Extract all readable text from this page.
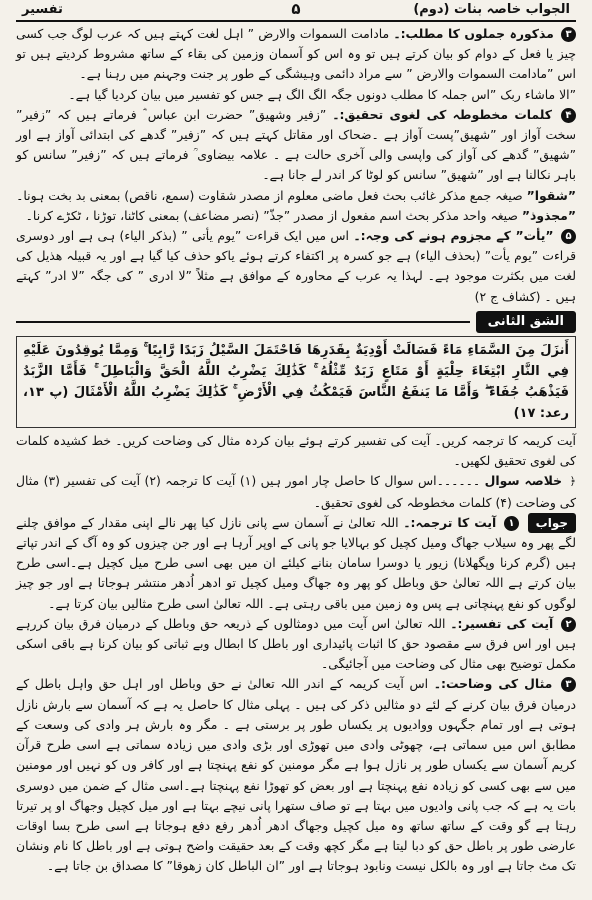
الجواب خاصہ بنات (دوم)
۵
تفسیر

۳ مذکورہ جملوں کا مطلب:۔ مادامت السموات والارض ” اہل لغت کہتے ہیں کہ عرب لوگ جب کسی چیز یا فعل کے دوام کو بیان کرتے ہیں تو وہ اس کو آسمان وزمین کی بقاء کے ساتھ مشروط کردیتے ہیں تو اس ”مادامت السموات والارض ” سے مراد دائمی وہیشگی کے طور پر جنت وجہنم میں رہنا ہے۔

”الا ماشاء ربک ”اس جملہ کا مطلب دونوں جگہ الگ الگ ہے جس کو تفسیر میں بیان کردیا گیا ہے۔

۴ کلمات مخطوطہ کی لغوی تحقیق:۔ ”زفیر وشهیق” حضرت ابن عباس ؓ فرماتے ہیں کہ ”زفیر” سخت آواز اور ”شهیق”پست آواز ہے ۔ضحاک اور مقاتل کہتے ہیں کہ ”زفیر” گدھے کی ابتدائی آواز ہے اور ”شهیق” گدھے کی آواز کی واپسی والی آخری حالت ہے ۔ علامہ بیضاوی ؒ فرماتے ہیں کہ ”زفیر” سانس کو باہر نکالنا ہے اور ”شهیق” سانس کو لوٹا کر اندر لے جانا ہے۔

”شقوا” صیغہ جمع مذکر غائب بحث فعل ماضی معلوم از مصدر شقاوت (سمع، ناقص) بمعنی بد بخت ہونا۔

”مجذوذ” صیغہ واحد مذکر بحث اسم مفعول از مصدر ”جذّ” (نصر مضاعف) بمعنی کاٹنا، توڑنا ، ٹکڑے کرنا۔

۵ ”یأت” کے مجزوم ہونے کی وجہ:۔ اس میں ایک قراءت ”یوم یأتی ” (بذکر الیاء) ہی ہے اور دوسری قراءت ”یوم یأت” (بحذف الیاء) ہے جو کسرہ پر اکتفاء کرتے ہوئے یاکو حذف کیا گیا ہے اور یہ قبیلہ ھذیل کی لغت میں بکثرت موجود ہے۔ لہذا یہ عرب کے محاورہ کے موافق ہے مثلاً ”لا ادری ” کی جگہ ”لا ادر” کہتے ہیں ۔ (کشاف ج ۲)

الشق الثانی
أَنزَلَ مِنَ السَّمَاءِ مَاءً فَسَالَتْ أَوْدِيَةٌ بِقَدَرِهَا فَاحْتَمَلَ السَّيْلُ زَبَدًا رَّابِيًا ۚ وَمِمَّا يُوقِدُونَ عَلَيْهِ فِي النَّارِ ابْتِغَاءَ حِلْيَةٍ أَوْ مَتَاعٍ زَبَدٌ مِّثْلُهُ ۚ كَذَٰلِكَ يَضْرِبُ اللَّهُ الْحَقَّ وَالْبَاطِلَ ۚ فَأَمَّا الزَّبَدُ فَيَذْهَبُ جُفَاءً ۖ وَأَمَّا مَا يَنفَعُ النَّاسَ فَيَمْكُثُ فِي الْأَرْضِ ۚ كَذَٰلِكَ يَضْرِبُ اللَّهُ الْأَمْثَالَ (پ ۱۳، رعد: ۱۷)

آیت کریمہ کا ترجمہ کریں۔ آیت کی تفسیر کرتے ہوئے بیان کردہ مثال کی وضاحت کریں۔ خط کشیدہ کلمات کی لغوی تحقیق لکھیں۔

﴿ خلاصہ سوال ۔۔۔۔۔۔اس سوال کا حاصل چار امور ہیں (۱) آیت کا ترجمہ (۲) آیت کی تفسیر (۳) مثال کی وضاحت (۴) کلمات مخطوطہ کی لغوی تحقیق۔

جواب ۱ آیت کا ترجمہ:۔ اللہ تعالیٰ نے آسمان سے پانی نازل کیا پھر نالے اپنی مقدار کے موافق چلنے لگے پھر وہ سیلاب جھاگ ومیل کچیل کو بہالایا جو پانی کے اوپر آرہا ہے اور جن چیزوں کو وہ آگ کے اندر تپاتے ہیں (گرم کرنا وپگھلانا) زیور یا دوسرا سامان بنانے کیلئے ان میں بھی اسی طرح میل کچیل ہے۔اسی طرح بیان کرتے ہے اللہ تعالیٰ حق وباطل کو پھر وہ جھاگ ومیل کچیل تو ادھر اُدھر منتشر ہوجاتا ہے اور جو چیز لوگوں کو نفع پہنچاتی ہے پس وہ زمین میں باقی رہتی ہے۔ اللہ تعالیٰ اسی طرح مثالیں بیان کرتا ہے۔

۲ آیت کی تفسیر:۔ اللہ تعالیٰ اس آیت میں دومثالوں کے ذریعہ حق وباطل کے درمیان فرق بیان کررہے ہیں اور اس فرق سے مقصود حق کا اثبات پائیداری اور باطل کا ابطال وبے ثباتی کو بیان کرنا ہے باقی اسکی مکمل توضیح بھی مثال کی وضاحت میں آجائیگی۔

۳ مثال کی وضاحت:۔ اس آیت کریمہ کے اندر اللہ تعالیٰ نے حق وباطل اور اہل حق واہل باطل کے درمیان فرق بیان کرنے کے لئے دو مثالیں ذکر کی ہیں ۔ پہلی مثال کا حاصل یہ ہے کہ آسمان سے بارش نازل ہوتی ہے اور تمام جگہوں ووادیوں پر یکساں طور پر برستی ہے ۔ مگر وہ بارش ہر وادی کی وسعت کے مطابق اس میں سماتی ہے، چھوٹی وادی میں تھوڑی اور بڑی وادی میں زیادہ سماتی ہے اسی طرح قرآن کریم آسمان سے یکساں طور پر نازل ہوا ہے مگر مومنین کو نفع پہنچتا ہے اور کافر وں کو نہیں اور مومنین میں سے بھی کسی کو زیادہ نفع پہنچتا ہے اور بعض کو تھوڑا نفع پہنچتا ہے۔اسی مثال کے ضمن میں دوسری بات یہ ہے کہ جب پانی وادیوں میں بہتا ہے تو صاف ستھرا پانی نیچے بہتا ہے اور میل کچیل وجھاگ او پر تیرتا رہتا ہے گو وقت کے ساتھ ساتھ وہ میل کچیل وجھاگ ادھر اُدھر رفع دفع ہوجاتا ہے اسی طرح بسا اوقات عارضی طور پر باطل حق کو دبا لیتا ہے مگر کچھ وقت کے بعد حقیقت واضح ہوتی ہے اور باطل کا نام ونشان تک مٹ جاتا ہے اور وہ بالکل نیست ونابود ہوجاتا ہے اور ”ان الباطل کان زهوقا” کا مصداق بن جاتا ہے۔
